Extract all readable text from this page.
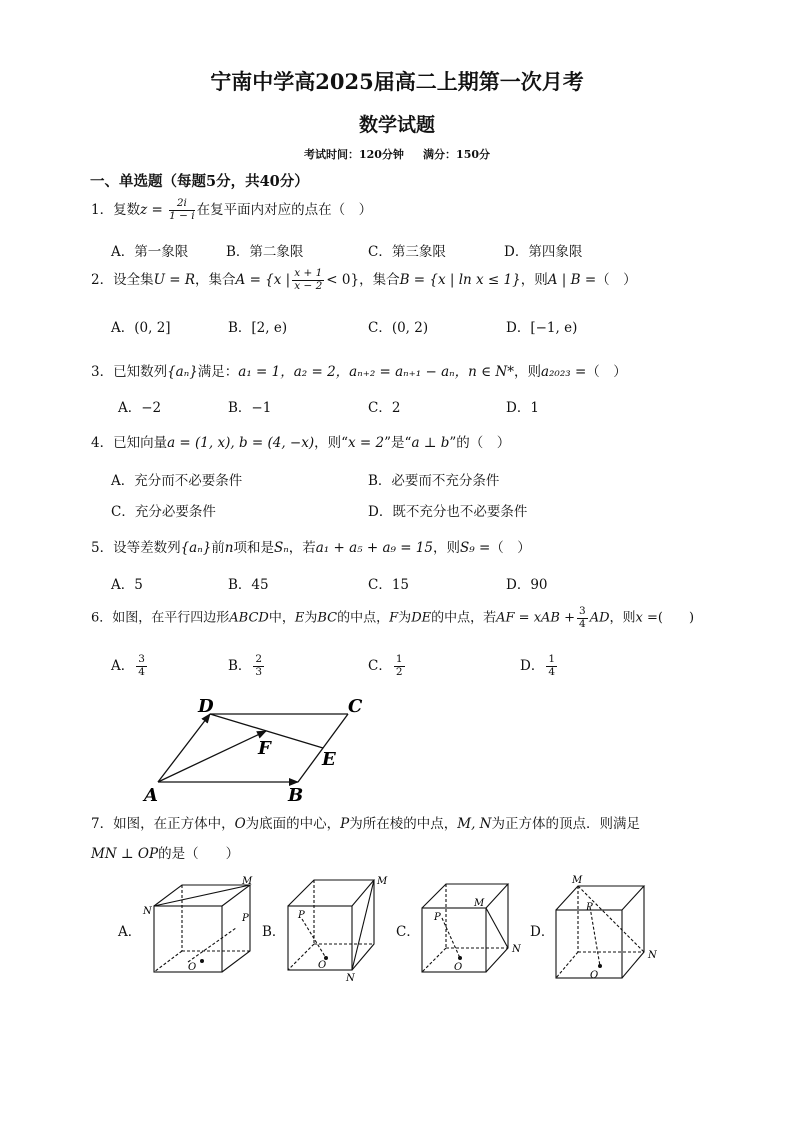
宁南中学高2025届高二上期第一次月考
数学试题
考试时间：120分钟     满分：150分
一、单选题（每题5分，共40分）
1．复数$z = \frac{2i}{1 - i}$ 在复平面内对应的点在（　）
A．第一象限	B．第二象限	C．第三象限	D．第四象限
2．设全集U = R，集合A = {x | $\frac{x + 1}{x - 2} < 0$}，集合B = {x | ln x ≤ 1}，则A | B =（　）
A．(0, 2]	B．[2, e)	C．(0, 2)	D．[−1, e)
3．已知数列{aₙ}满足：a₁ = 1，a₂ = 2，aₙ₊₂ = aₙ₊₁ − aₙ，n ∈ N*，则a₂₀₂₃ =（　）
A．−2	B．−1	C．2	D．1
4．已知向量a = (1, x), b = (4, −x)，则“x = 2”是“a ⊥ b”的（　）
A．充分而不必要条件	B．必要而不充分条件
C．充分必要条件	D．既不充分也不必要条件
5．设等差数列{aₙ}前n项和是Sₙ，若a₁ + a₅ + a₉ = 15，则S₉ =（　）
A．5	B．45	C．15	D．90
6．如图，在平行四边形ABCD中，E为BC的中点，F为DE的中点，若AF = xAB + $\frac{3}{4}$ AD，则x =(　　)
A． $\frac{3}{4}$	B． $\frac{2}{3}$	C． $\frac{1}{2}$	D． $\frac{1}{4}$
A	B
C
D
E
F
7．如图，在正方体中，O为底面的中心，P为所在棱的中点，M, N为正方体的顶点．则满足
MN ⊥ OP的是（　　）
A．	B．	C．	D．
M
N
P
O
M
N
P
O
M
N
P
O
M
N
P
O
